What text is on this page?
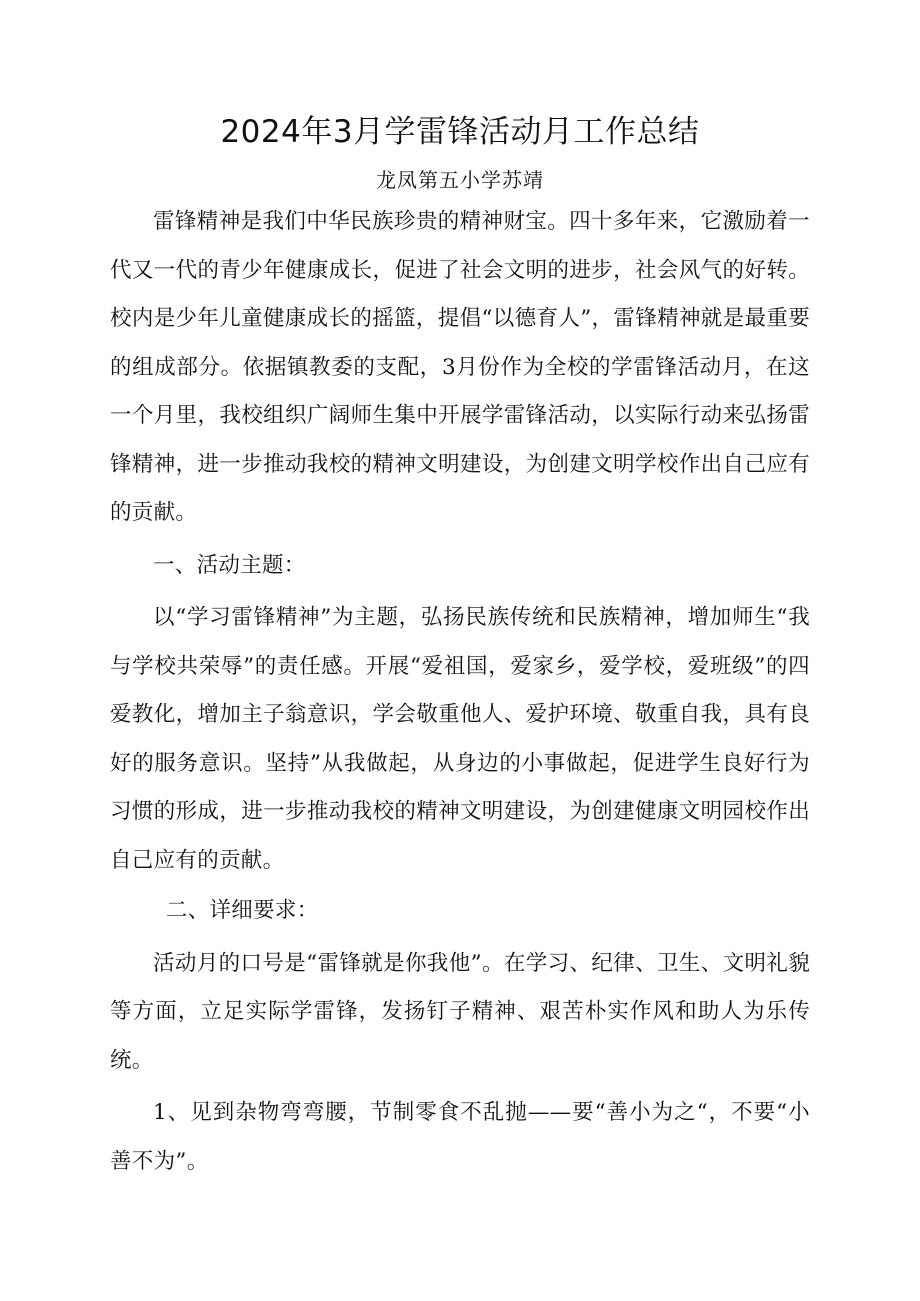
2024年3月学雷锋活动月工作总结
龙凤第五小学苏靖

雷锋精神是我们中华民族珍贵的精神财宝。四十多年来，它激励着一代又一代的青少年健康成长，促进了社会文明的进步，社会风气的好转。校内是少年儿童健康成长的摇篮，提倡“以德育人”，雷锋精神就是最重要的组成部分。依据镇教委的支配，3月份作为全校的学雷锋活动月，在这一个月里，我校组织广阔师生集中开展学雷锋活动，以实际行动来弘扬雷锋精神，进一步推动我校的精神文明建设，为创建文明学校作出自己应有的贡献。

一、活动主题：

以“学习雷锋精神”为主题，弘扬民族传统和民族精神，增加师生“我与学校共荣辱”的责任感。开展“爱祖国，爱家乡，爱学校，爱班级”的四爱教化，增加主子翁意识，学会敬重他人、爱护环境、敬重自我，具有良好的服务意识。坚持”从我做起，从身边的小事做起，促进学生良好行为习惯的形成，进一步推动我校的精神文明建设，为创建健康文明园校作出自己应有的贡献。

二、详细要求：

活动月的口号是“雷锋就是你我他”。在学习、纪律、卫生、文明礼貌等方面，立足实际学雷锋，发扬钉子精神、艰苦朴实作风和助人为乐传统。

1、见到杂物弯弯腰，节制零食不乱抛——要“善小为之“，不要“小善不为”。
